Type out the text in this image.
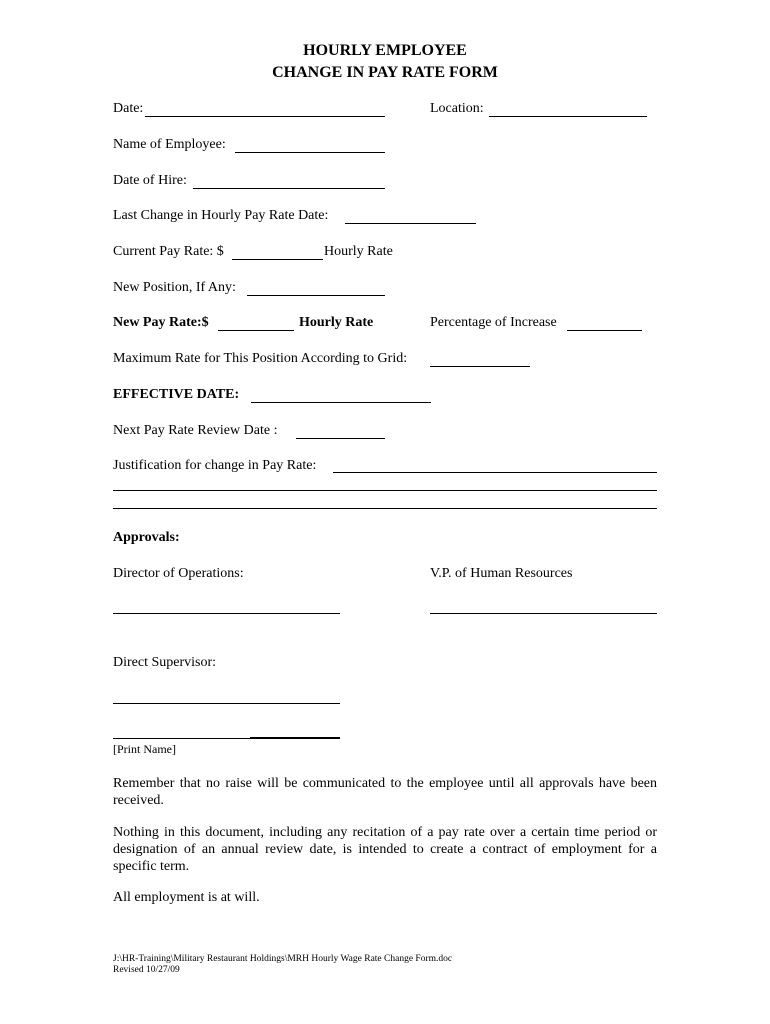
HOURLY EMPLOYEE
CHANGE IN PAY RATE FORM
Date:	Location:
Name of Employee:
Date of Hire:
Last Change in Hourly Pay Rate Date:
Current Pay Rate: $	Hourly Rate
New Position, If Any:
New Pay Rate:$	Hourly Rate	Percentage of Increase
Maximum Rate for This Position According to Grid:
EFFECTIVE DATE:
Next Pay Rate Review Date :
Justification for change in Pay Rate:
Approvals:
Director of Operations:	V.P. of Human Resources
Direct Supervisor:
[Print Name]
Remember that no raise will be communicated to the employee until all approvals have been received.
Nothing in this document, including any recitation of a pay rate over a certain time period or designation of an annual review date, is intended to create a contract of employment for a specific term.
All employment is at will.
J:\HR-Training\Military Restaurant Holdings\MRH Hourly Wage Rate Change Form.doc
Revised 10/27/09
